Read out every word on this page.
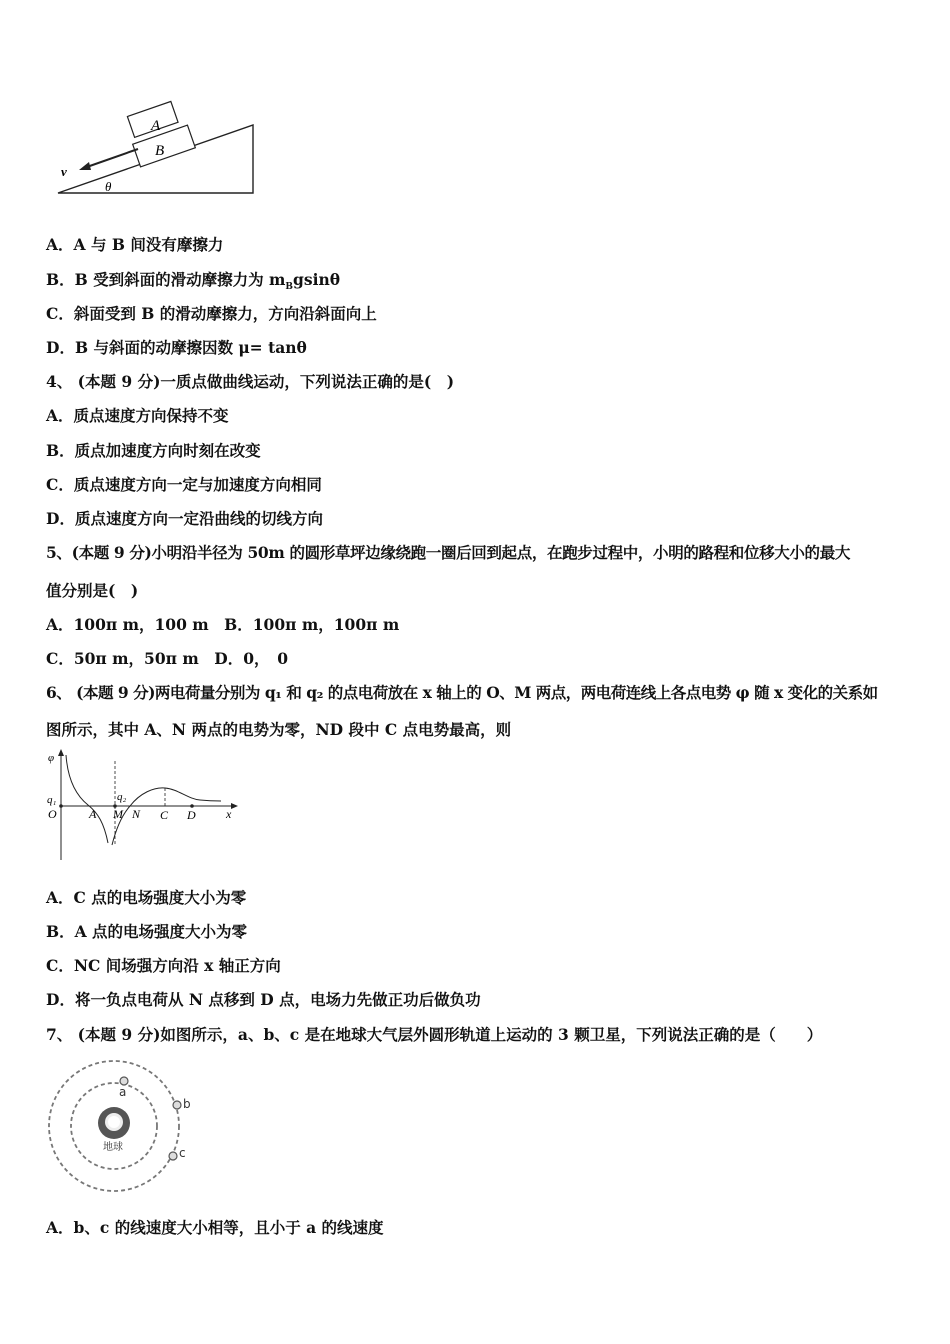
A
B
v
θ
A．A 与 B 间没有摩擦力
B．B 受到斜面的滑动摩擦力为 $m_Bgsin\theta$
C．斜面受到 B 的滑动摩擦力，方向沿斜面向上
D．B 与斜面的动摩擦因数 μ= tanθ
4、 (本题 9 分)一质点做曲线运动，下列说法正确的是(　)
A．质点速度方向保持不变
B．质点加速度方向时刻在改变
C．质点速度方向一定与加速度方向相同
D．质点速度方向一定沿曲线的切线方向
5、(本题 9 分)小明沿半径为 50m 的圆形草坪边缘绕跑一圈后回到起点，在跑步过程中，小明的路程和位移大小的最大
值分别是(　)
A．100π m，100 m　B．100π m，100π m
C．50π m，50π m　D．0，　0
6、 (本题 9 分)两电荷量分别为 q₁ 和 q₂ 的点电荷放在 x 轴上的 O、M 两点，两电荷连线上各点电势 φ 随 x 变化的关系如
图所示，其中 A、N 两点的电势为零，ND 段中 C 点电势最高，则
φ
q₁
O	A
q₂
M N C D	x
A．C 点的电场强度大小为零
B．A 点的电场强度大小为零
C．NC 间场强方向沿 x 轴正方向
D．将一负点电荷从 N 点移到 D 点，电场力先做正功后做负功
7、 (本题 9 分)如图所示，a、b、c 是在地球大气层外圆形轨道上运动的 3 颗卫星，下列说法正确的是（　　）
地球
a
b
c
A．b、c 的线速度大小相等，且小于 a 的线速度
